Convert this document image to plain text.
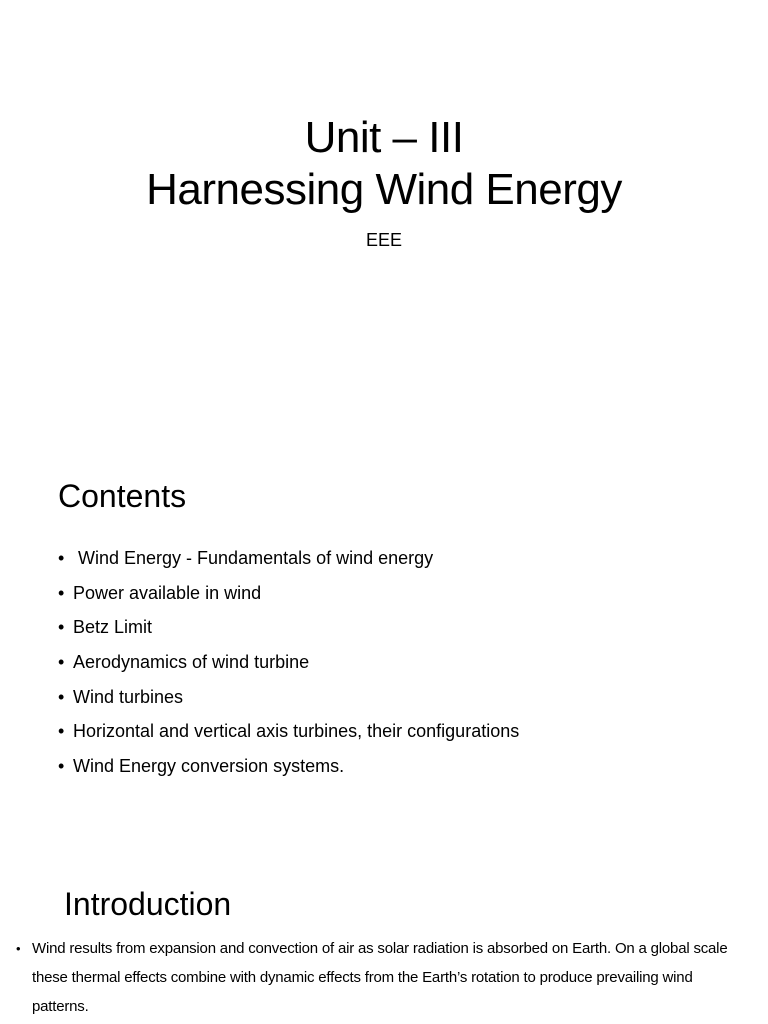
Unit – III
Harnessing Wind Energy
EEE
Contents
• Wind Energy - Fundamentals of wind energy
• Power available in wind
• Betz Limit
• Aerodynamics of wind turbine
• Wind turbines
• Horizontal and vertical axis turbines, their configurations
• Wind Energy conversion systems.
Introduction
• Wind results from expansion and convection of air as solar radiation is absorbed on Earth. On a global scale these thermal effects combine with dynamic effects from the Earth’s rotation to produce prevailing wind patterns.
